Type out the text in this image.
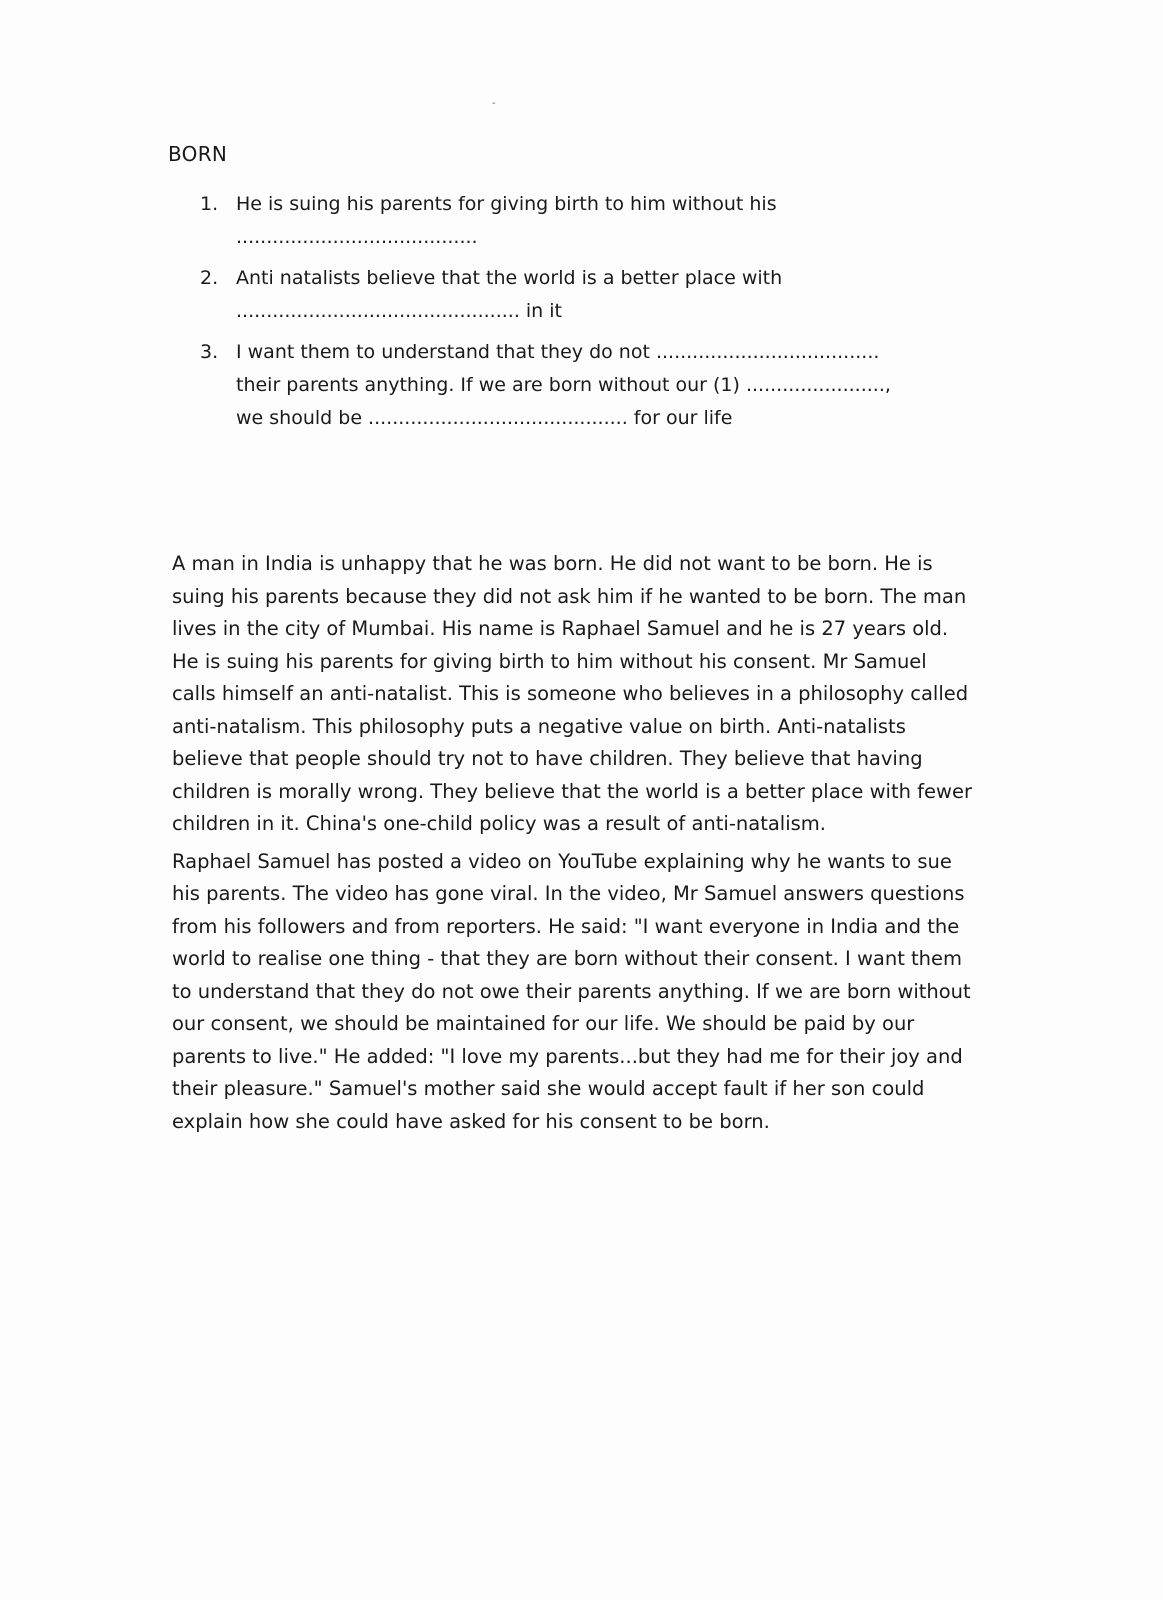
-
BORN
1. He is suing his parents for giving birth to him without his
........................................
2. Anti natalists believe that the world is a better place with
............................................... in it
3. I want them to understand that they do not .....................................
their parents anything. If we are born without our (1) .......................,
we should be ........................................... for our life

A man in India is unhappy that he was born. He did not want to be born. He is suing his parents because they did not ask him if he wanted to be born. The man lives in the city of Mumbai. His name is Raphael Samuel and he is 27 years old. He is suing his parents for giving birth to him without his consent. Mr Samuel calls himself an anti-natalist. This is someone who believes in a philosophy called anti-natalism. This philosophy puts a negative value on birth. Anti-natalists believe that people should try not to have children. They believe that having children is morally wrong. They believe that the world is a better place with fewer children in it. China's one-child policy was a result of anti-natalism.

Raphael Samuel has posted a video on YouTube explaining why he wants to sue his parents. The video has gone viral. In the video, Mr Samuel answers questions from his followers and from reporters. He said: "I want everyone in India and the world to realise one thing - that they are born without their consent. I want them to understand that they do not owe their parents anything. If we are born without our consent, we should be maintained for our life. We should be paid by our parents to live." He added: "I love my parents...but they had me for their joy and their pleasure." Samuel's mother said she would accept fault if her son could explain how she could have asked for his consent to be born.
